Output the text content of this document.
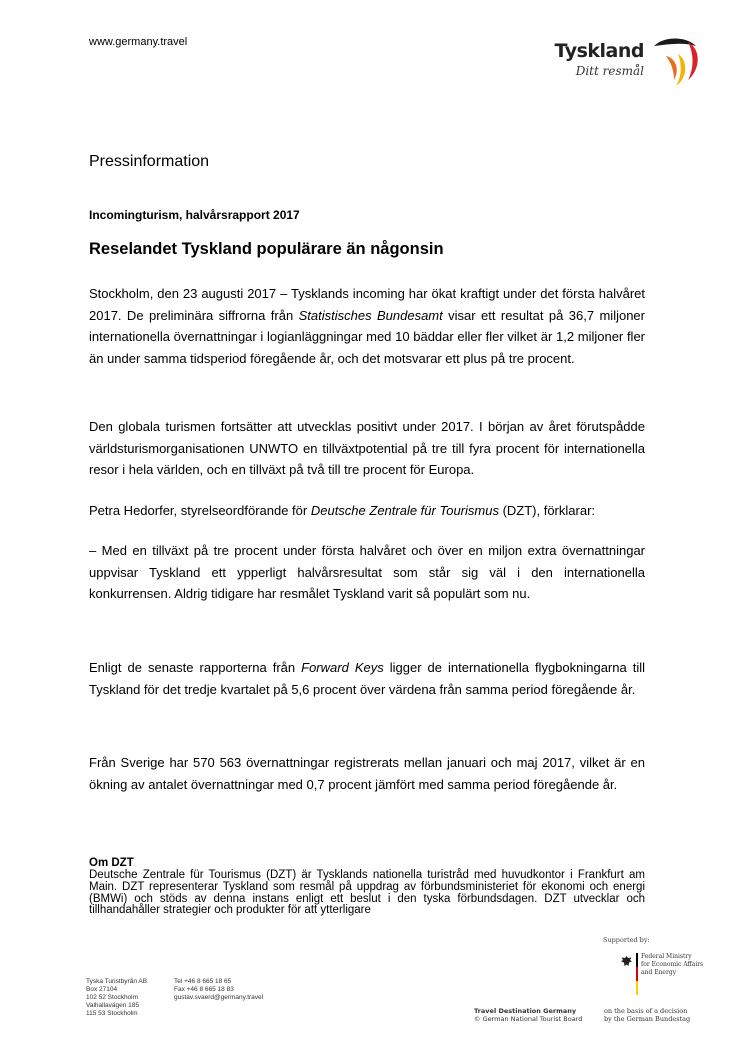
www.germany.travel	Tyskland
Ditt resmål
Pressinformation
Incomingturism, halvårsrapport 2017
Reselandet Tyskland populärare än någonsin
Stockholm, den 23 augusti 2017 – Tysklands incoming har ökat kraftigt under det första halvåret 2017. De preliminära siffrorna från Statistisches Bundesamt visar ett resultat på 36,7 miljoner internationella övernattningar i logianläggningar med 10 bäddar eller fler vilket är 1,2 miljoner fler än under samma tidsperiod föregående år, och det motsvarar ett plus på tre procent.
Den globala turismen fortsätter att utvecklas positivt under 2017. I början av året förutspådde världsturismorganisationen UNWTO en tillväxtpotential på tre till fyra procent för internationella resor i hela världen, och en tillväxt på två till tre procent för Europa.
Petra Hedorfer, styrelseordförande för Deutsche Zentrale für Tourismus (DZT), förklarar:
– Med en tillväxt på tre procent under första halvåret och över en miljon extra övernattningar uppvisar Tyskland ett ypperligt halvårsresultat som står sig väl i den internationella konkurrensen. Aldrig tidigare har resmålet Tyskland varit så populärt som nu.
Enligt de senaste rapporterna från Forward Keys ligger de internationella flygbokningarna till Tyskland för det tredje kvartalet på 5,6 procent över värdena från samma period föregående år.
Från Sverige har 570 563 övernattningar registrerats mellan januari och maj 2017, vilket är en ökning av antalet övernattningar med 0,7 procent jämfört med samma period föregående år.
Om DZT
Deutsche Zentrale für Tourismus (DZT) är Tysklands nationella turistråd med huvudkontor i Frankfurt am Main. DZT representerar Tyskland som resmål på uppdrag av förbundsministeriet för ekonomi och energi (BMWi) och stöds av denna instans enligt ett beslut i den tyska förbundsdagen. DZT utvecklar och tillhandahåller strategier och produkter för att ytterligare
Supported by:
Federal Ministry
for Economic Affairs
and Energy
Tyska Turistbyrån AB
Box 27104
102 52 Stockholm
Valhallavägen 185
115 53 Stockholm
Tel +46 8 665 18 65
Fax +46 8 665 18 83
gustav.svaerd@germany.travel
Travel Destination Germany
© German National Tourist Board
on the basis of a decision
by the German Bundestag
